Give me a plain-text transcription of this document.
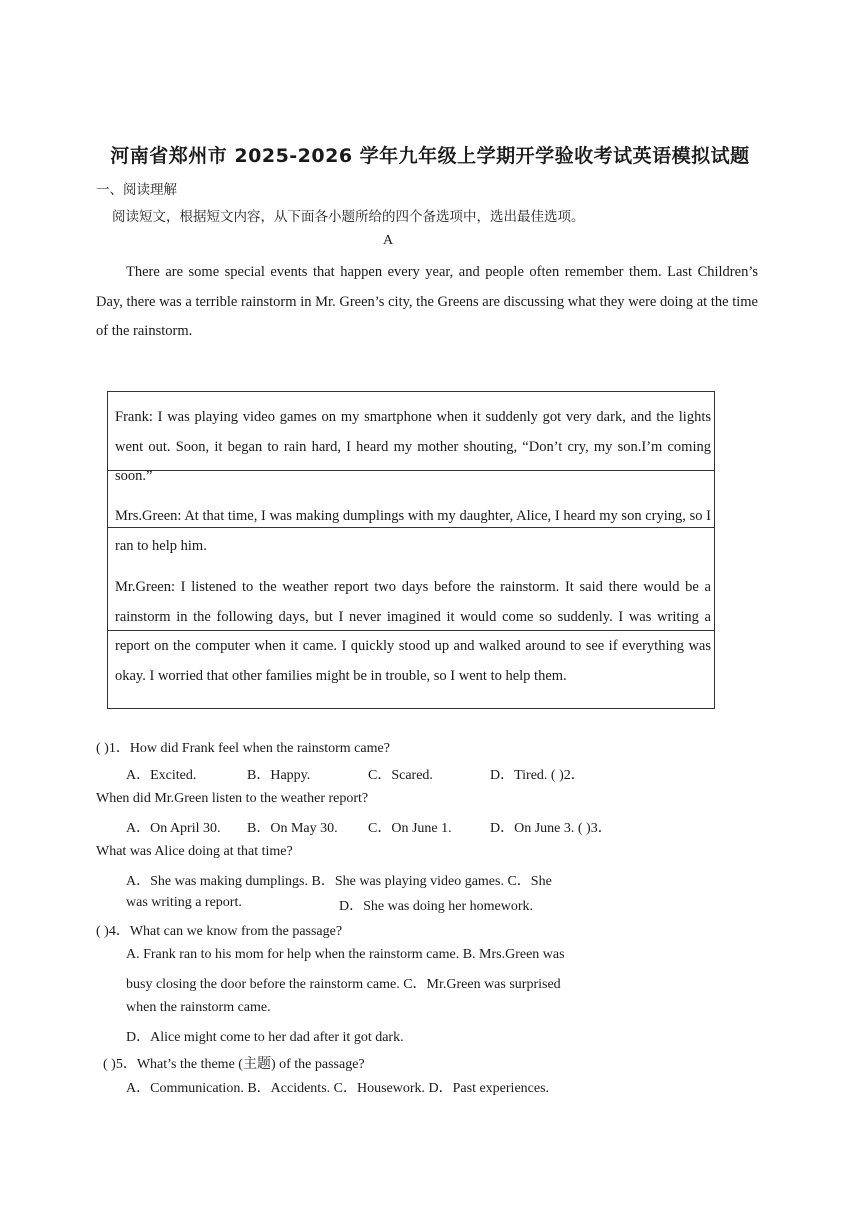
河南省郑州市 2025-2026 学年九年级上学期开学验收考试英语模拟试题
一、阅读理解
阅读短文，根据短文内容，从下面各小题所给的四个备选项中，选出最佳选项。
A
There are some special events that happen every year, and people often remember them. Last Children’s Day, there was a terrible rainstorm in Mr. Green’s city, the Greens are discussing what they were doing at the time of the rainstorm.
Frank: I was playing video games on my smartphone when it suddenly got very dark, and the lights went out. Soon, it began to rain hard, I heard my mother shouting, “Don’t cry, my son.I’m coming soon.”
Mrs.Green: At that time, I was making dumplings with my daughter, Alice, I heard my son crying, so I ran to help him.
Mr.Green: I listened to the weather report two days before the rainstorm. It said there would be a rainstorm in the following days, but I never imagined it would come so suddenly. I was writing a report on the computer when it came. I quickly stood up and walked around to see if everything was okay. I worried that other families might be in trouble, so I went to help them.
( )1．How did Frank feel when the rainstorm came?
A．Excited.	B．Happy.	C．Scared.	D．Tired. ( )2．
When did Mr.Green listen to the weather report?
A．On April 30. B．On May 30. C．On June 1.	D．On June 3. ( )3．
What was Alice doing at that time?
A．She was making dumplings. B．She was playing video games. C．She
was writing a report.	D．She was doing her homework.
( )4．What can we know from the passage?
A. Frank ran to his mom for help when the rainstorm came. B. Mrs.Green was
busy closing the door before the rainstorm came. C．Mr.Green was surprised
when the rainstorm came.
D．Alice might come to her dad after it got dark.
( )5．What’s the theme (主题) of the passage?
A．Communication. B．Accidents. C．Housework. D．Past experiences.
